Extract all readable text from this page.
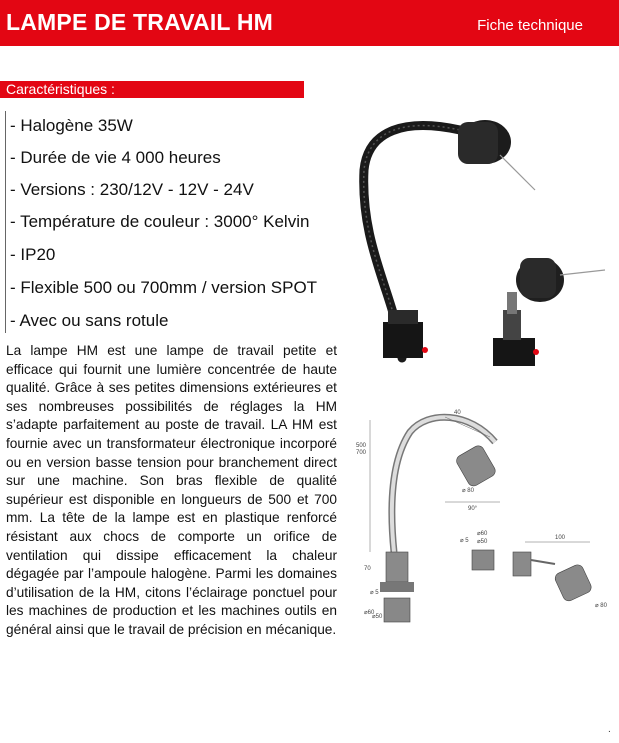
LAMPE DE TRAVAIL HM	Fiche technique
Caractéristiques :
- Halogène 35W
- Durée de vie 4 000 heures
- Versions : 230/12V - 12V - 24V
- Température de couleur : 3000° Kelvin
- IP20
- Flexible 500 ou 700mm / version SPOT
- Avec ou sans rotule
La lampe HM est une lampe de travail petite et efficace qui fournit une lumière concentrée de haute qualité. Grâce à ses petites dimensions extérieures et ses nombreuses possibilités de réglages la HM s’adapte parfaitement au poste de travail. LA HM est fournie avec un transformateur électronique incorporé ou en version basse tension pour branchement direct sur une machine. Son bras flexible de qualité supérieur est disponible en longueurs de 500 et 700 mm. La tête de la lampe est en plastique renforcé résistant aux chocs de comporte un orifice de ventilation qui dissipe efficacement la chaleur dégagée par l’ampoule halogène. Parmi les domaines d’utilisation de la HM, citons l’éclairage ponctuel pour les machines de production et les machines outils en général ainsi que le travail de précision en mécanique.
40
⌀ 80
90°
500
700
70
⌀ 5
⌀60
⌀50
⌀60
⌀50
⌀ 5	100
⌀ 80
.
